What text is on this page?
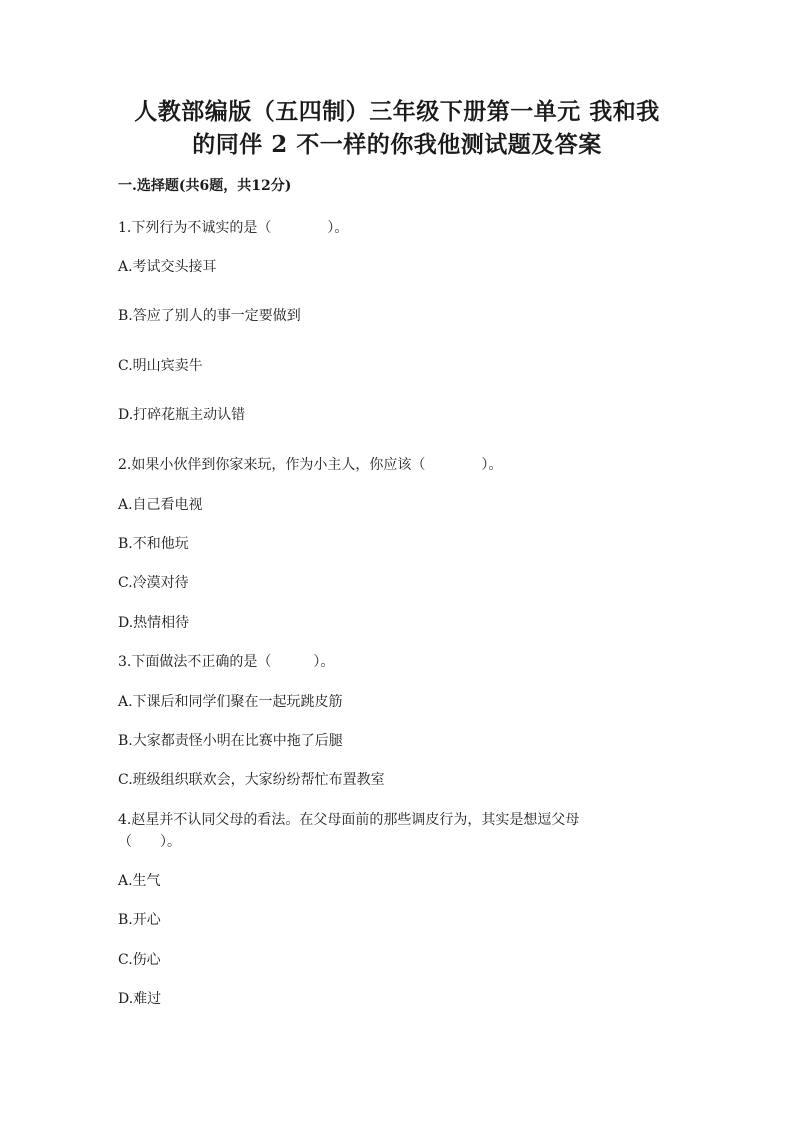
人教部编版（五四制）三年级下册第一单元 我和我
的同伴 2 不一样的你我他测试题及答案
一.选择题(共6题，共12分)
1.下列行为不诚实的是（　　　　）。
A.考试交头接耳
B.答应了别人的事一定要做到
C.明山宾卖牛
D.打碎花瓶主动认错
2.如果小伙伴到你家来玩，作为小主人，你应该（　　　　）。
A.自己看电视
B.不和他玩
C.冷漠对待
D.热情相待
3.下面做法不正确的是（　　　）。
A.下课后和同学们聚在一起玩跳皮筋
B.大家都责怪小明在比赛中拖了后腿
C.班级组织联欢会，大家纷纷帮忙布置教室
4.赵星并不认同父母的看法。在父母面前的那些调皮行为，其实是想逗父母
（　　）。
A.生气
B.开心
C.伤心
D.难过
